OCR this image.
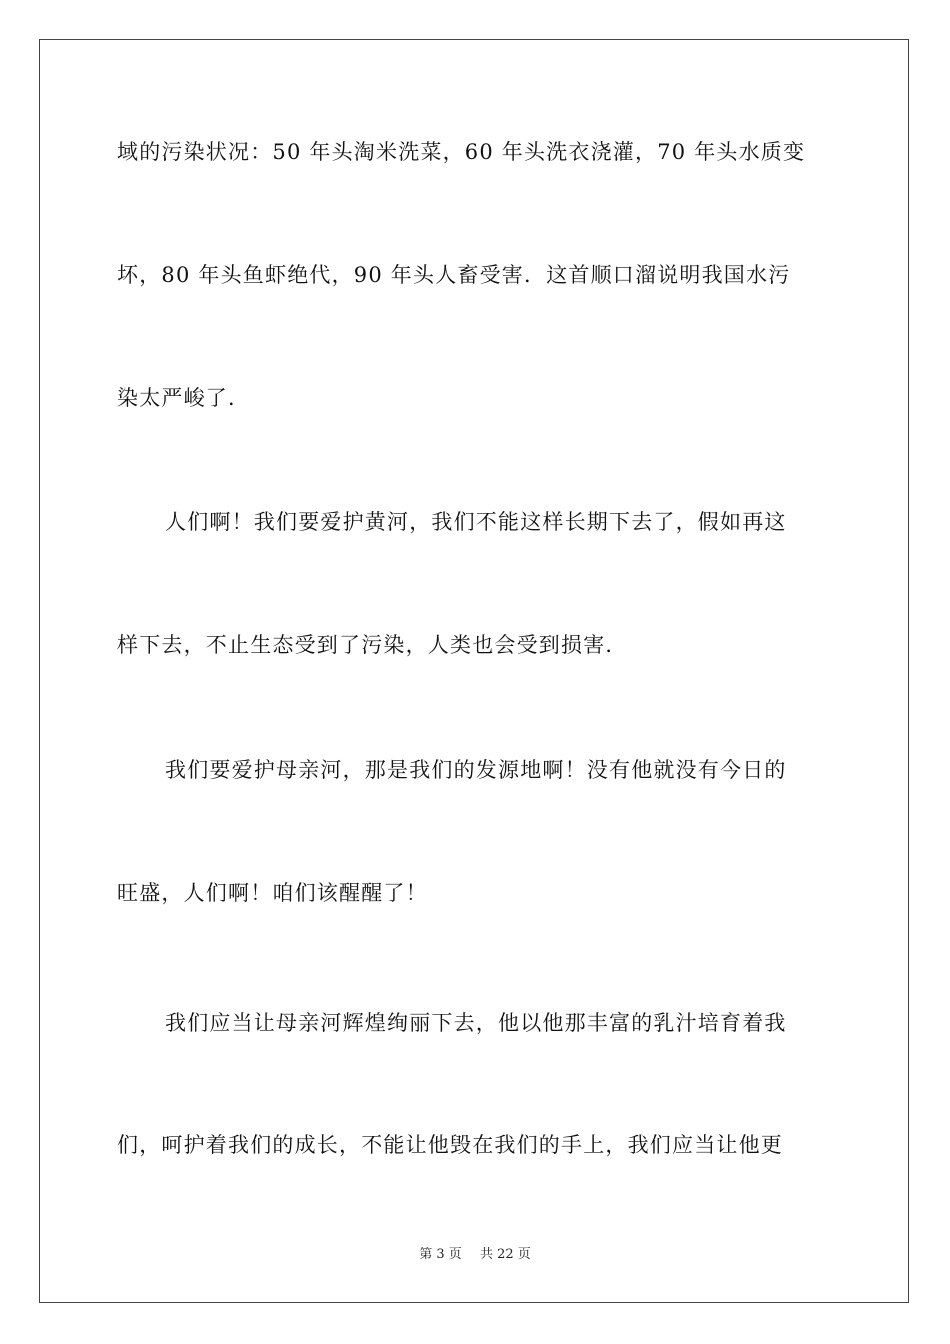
域的污染状况：50 年头淘米洗菜，60 年头洗衣浇灌，70 年头水质变
坏，80 年头鱼虾绝代，90 年头人畜受害．这首顺口溜说明我国水污
染太严峻了．
人们啊！我们要爱护黄河，我们不能这样长期下去了，假如再这
样下去，不止生态受到了污染，人类也会受到损害．
我们要爱护母亲河，那是我们的发源地啊！没有他就没有今日的
旺盛，人们啊！咱们该醒醒了！
我们应当让母亲河辉煌绚丽下去，他以他那丰富的乳汁培育着我
们，呵护着我们的成长，不能让他毁在我们的手上，我们应当让他更
第 3 页 共 22 页
